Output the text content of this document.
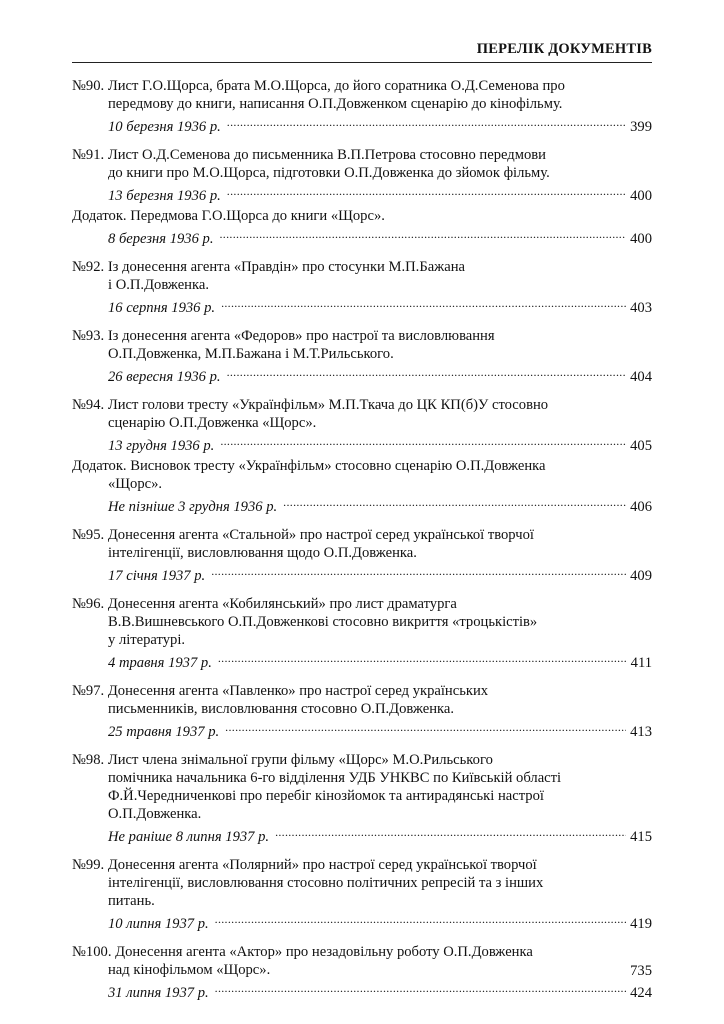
ПЕРЕЛІК ДОКУМЕНТІВ
№90. Лист Г.О.Щорса, брата М.О.Щорса, до його соратника О.Д.Семенова про
передмову до книги, написання О.П.Довженком сценарію до кінофільму.
10 березня 1936 р. .....	399
№91. Лист О.Д.Семенова до письменника В.П.Петрова стосовно передмови
до книги про М.О.Щорса, підготовки О.П.Довженка до зйомок фільму.
13 березня 1936 р. .....	400
Додаток. Передмова Г.О.Щорса до книги «Щорс».
8 березня 1936 р. .....	400
№92. Із донесення агента «Правдін» про стосунки М.П.Бажана
і О.П.Довженка.
16 серпня 1936 р. .....	403
№93. Із донесення агента «Федоров» про настрої та висловлювання
О.П.Довженка, М.П.Бажана і М.Т.Рильського.
26 вересня 1936 р. .....	404
№94. Лист голови тресту «Українфільм» М.П.Ткача до ЦК КП(б)У стосовно
сценарію О.П.Довженка «Щорс».
13 грудня 1936 р. .....	405
Додаток. Висновок тресту «Українфільм» стосовно сценарію О.П.Довженка
«Щорс».
Не пізніше 3 грудня 1936 р. .....	406
№95. Донесення агента «Стальной» про настрої серед української творчої
інтелігенції, висловлювання щодо О.П.Довженка.
17 січня 1937 р. .....	409
№96. Донесення агента «Кобилянський» про лист драматурга
В.В.Вишневського О.П.Довженкові стосовно викриття «троцькістів»
у літературі.
4 травня 1937 р. .....	411
№97. Донесення агента «Павленко» про настрої серед українських
письменників, висловлювання стосовно О.П.Довженка.
25 травня 1937 р. .....	413
№98. Лист члена знімальної групи фільму «Щорс» М.О.Рильського
помічника начальника 6-го відділення УДБ УНКВС по Київській області
Ф.Й.Чередниченкові про перебіг кінозйомок та антирадянські настрої
О.П.Довженка.
Не раніше 8 липня 1937 р. .....	415
№99. Донесення агента «Полярний» про настрої серед української творчої
інтелігенції, висловлювання стосовно політичних репресій та з інших
питань.
10 липня 1937 р. .....	419
№100. Донесення агента «Актор» про незадовільну роботу О.П.Довженка
над кінофільмом «Щорс».
31 липня 1937 р. .....	424
735
